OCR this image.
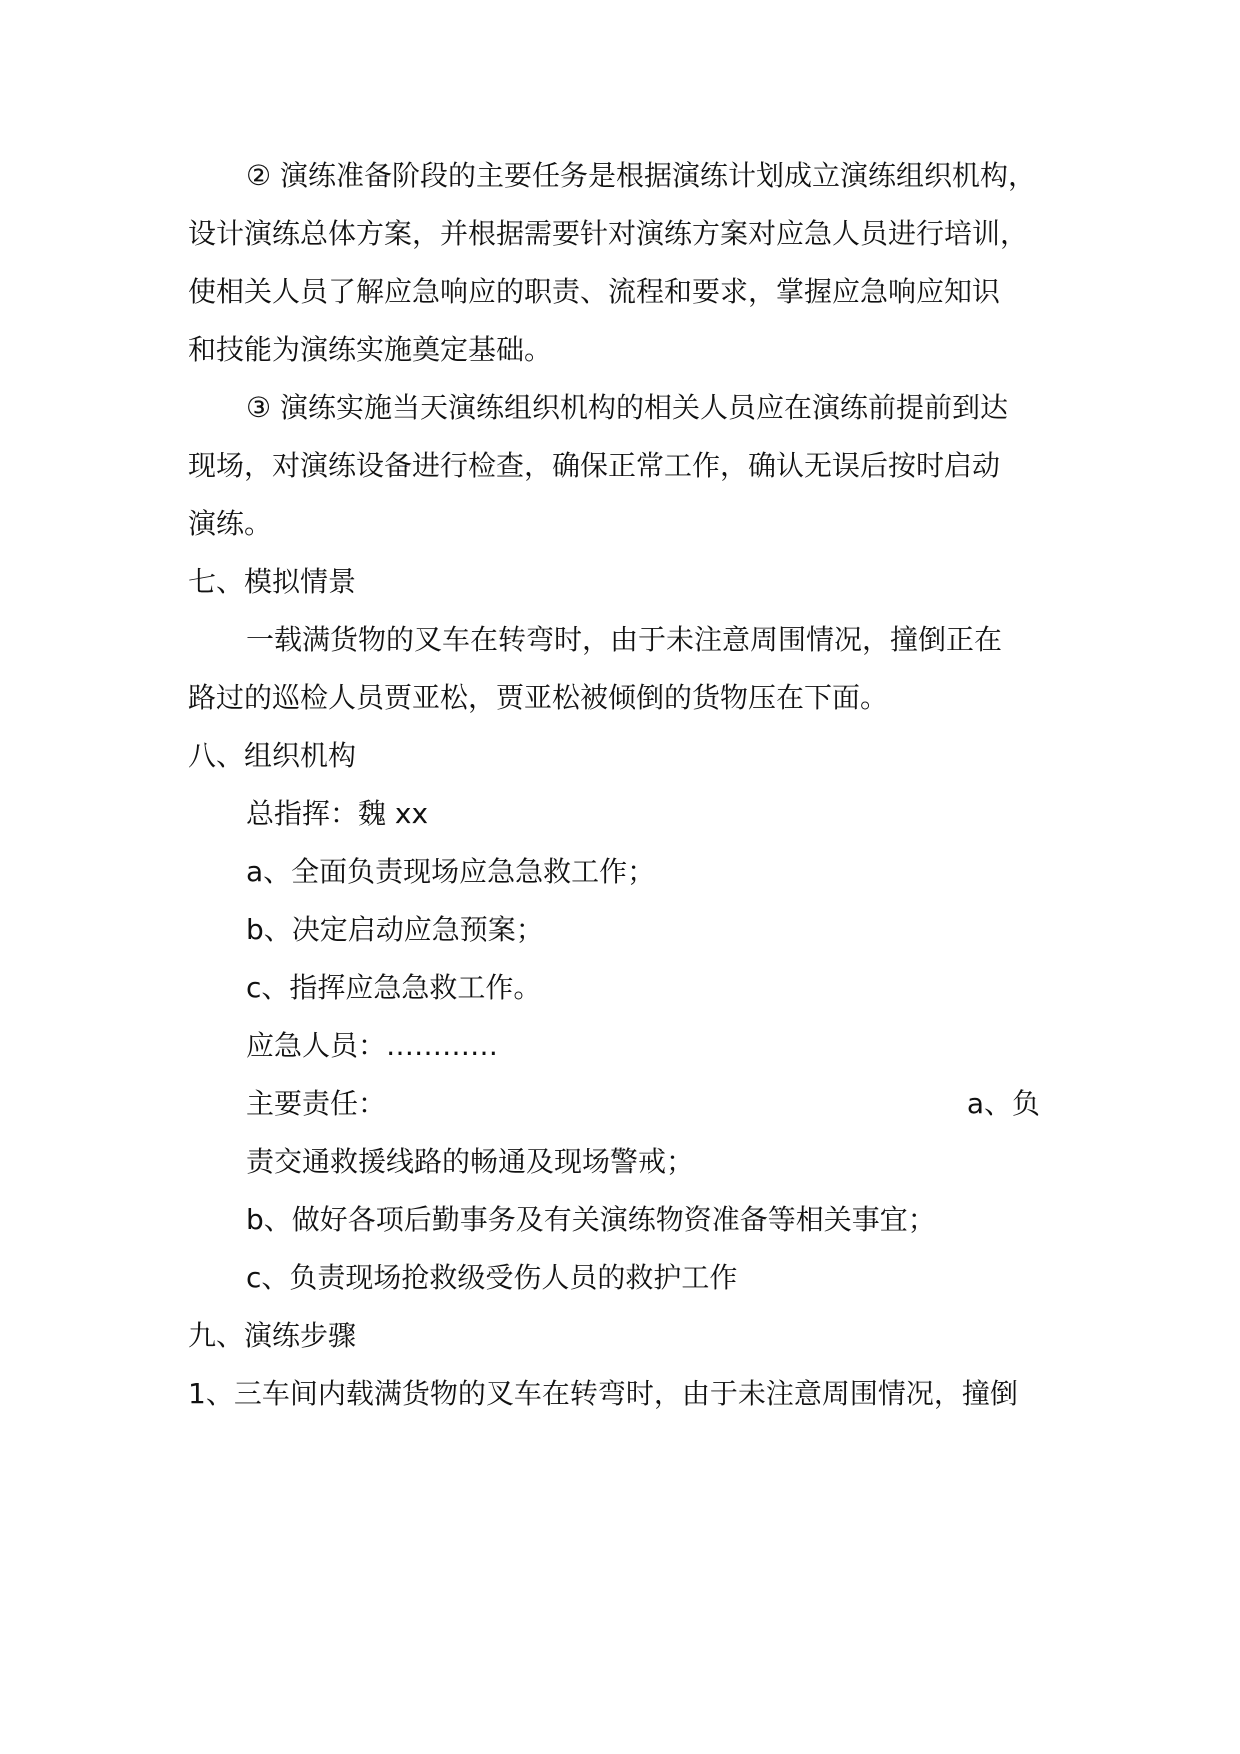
② 演练准备阶段的主要任务是根据演练计划成立演练组织机构，
设计演练总体方案，并根据需要针对演练方案对应急人员进行培训，
使相关人员了解应急响应的职责、流程和要求，掌握应急响应知识
和技能为演练实施奠定基础。
③ 演练实施当天演练组织机构的相关人员应在演练前提前到达
现场，对演练设备进行检查，确保正常工作，确认无误后按时启动
演练。
七、模拟情景
一载满货物的叉车在转弯时，由于未注意周围情况，撞倒正在
路过的巡检人员贾亚松，贾亚松被倾倒的货物压在下面。
八、组织机构
总指挥：魏 xx
a、全面负责现场应急急救工作；
b、决定启动应急预案；
c、指挥应急急救工作。
应急人员：…………
主要责任：	a、负
责交通救援线路的畅通及现场警戒；
b、做好各项后勤事务及有关演练物资准备等相关事宜；
c、负责现场抢救级受伤人员的救护工作
九、演练步骤
1、三车间内载满货物的叉车在转弯时，由于未注意周围情况，撞倒
